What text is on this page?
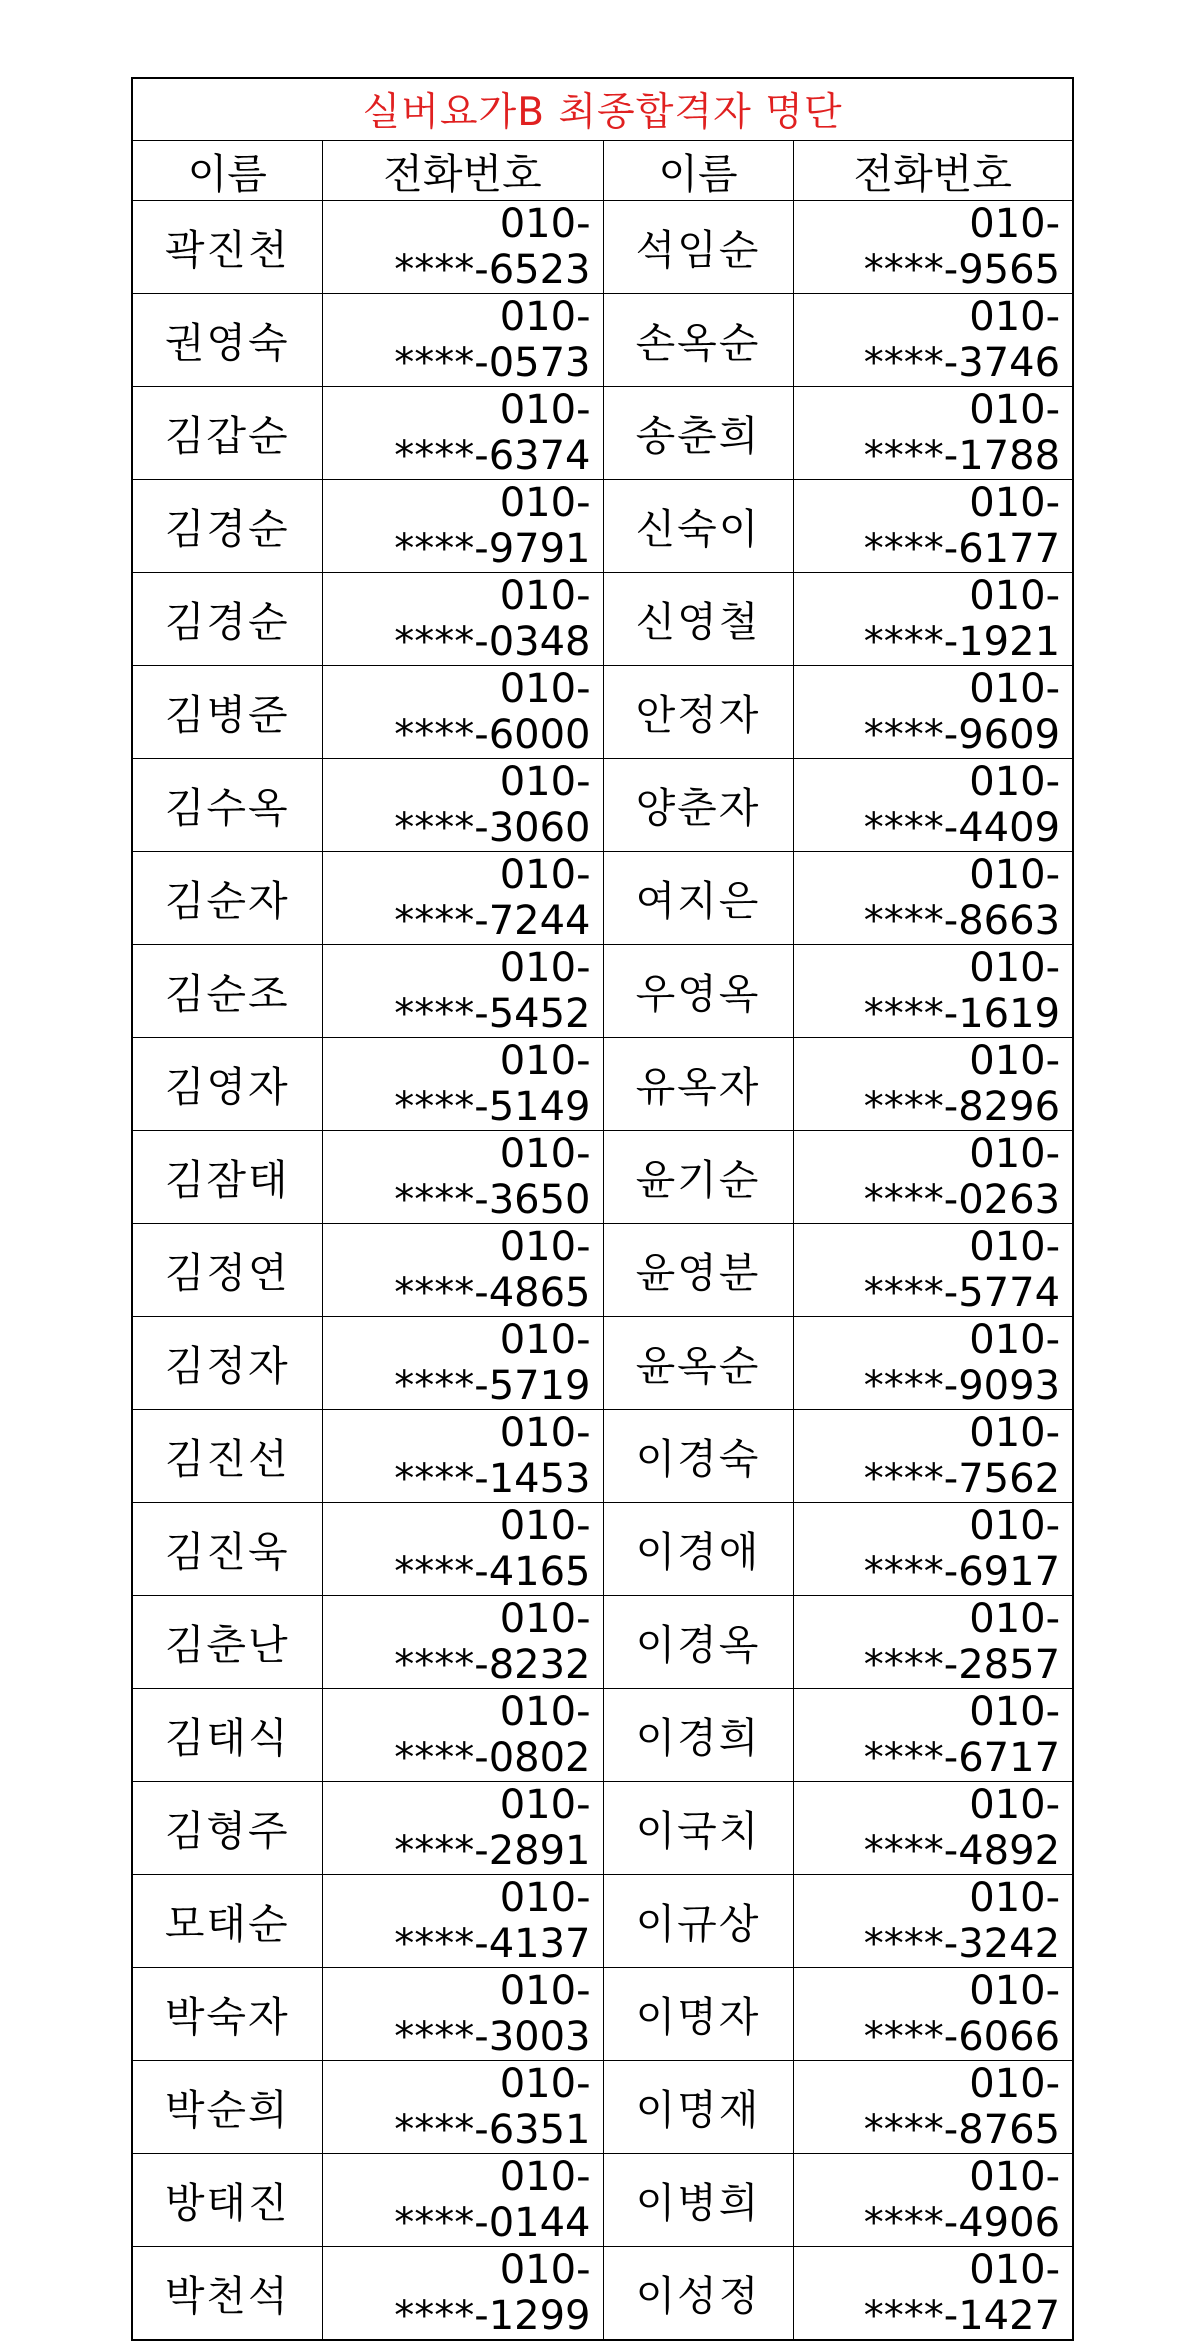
실버요가B 최종합격자 명단			
이름	전화번호	이름	전화번호
곽진천	010-****-6523	석임순	010-****-9565
권영숙	010-****-0573	손옥순	010-****-3746
김갑순	010-****-6374	송춘희	010-****-1788
김경순	010-****-9791	신숙이	010-****-6177
김경순	010-****-0348	신영철	010-****-1921
김병준	010-****-6000	안정자	010-****-9609
김수옥	010-****-3060	양춘자	010-****-4409
김순자	010-****-7244	여지은	010-****-8663
김순조	010-****-5452	우영옥	010-****-1619
김영자	010-****-5149	유옥자	010-****-8296
김잠태	010-****-3650	윤기순	010-****-0263
김정연	010-****-4865	윤영분	010-****-5774
김정자	010-****-5719	윤옥순	010-****-9093
김진선	010-****-1453	이경숙	010-****-7562
김진욱	010-****-4165	이경애	010-****-6917
김춘난	010-****-8232	이경옥	010-****-2857
김태식	010-****-0802	이경희	010-****-6717
김형주	010-****-2891	이국치	010-****-4892
모태순	010-****-4137	이규상	010-****-3242
박숙자	010-****-3003	이명자	010-****-6066
박순희	010-****-6351	이명재	010-****-8765
방태진	010-****-0144	이병희	010-****-4906
박천석	010-****-1299	이성정	010-****-1427
